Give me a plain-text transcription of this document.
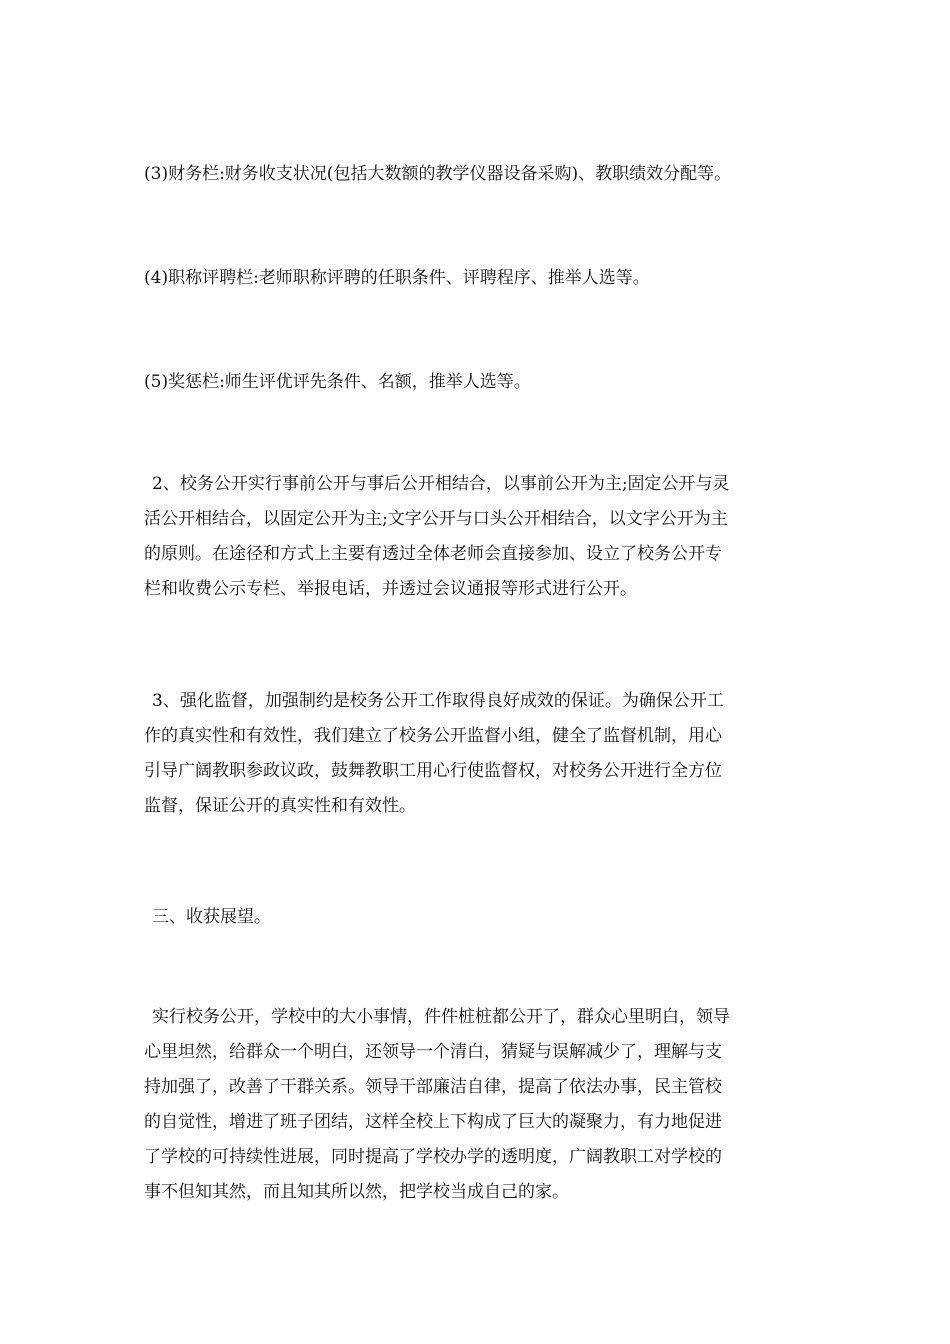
(3)财务栏:财务收支状况(包括大数额的教学仪器设备采购)、教职绩效分配等。

(4)职称评聘栏:老师职称评聘的任职条件、评聘程序、推举人选等。

(5)奖惩栏:师生评优评先条件、名额，推举人选等。

2、校务公开实行事前公开与事后公开相结合，以事前公开为主;固定公开与灵
活公开相结合，以固定公开为主;文字公开与口头公开相结合，以文字公开为主
的原则。在途径和方式上主要有透过全体老师会直接参加、设立了校务公开专
栏和收费公示专栏、举报电话，并透过会议通报等形式进行公开。

3、强化监督，加强制约是校务公开工作取得良好成效的保证。为确保公开工
作的真实性和有效性，我们建立了校务公开监督小组，健全了监督机制，用心
引导广阔教职参政议政，鼓舞教职工用心行使监督权，对校务公开进行全方位
监督，保证公开的真实性和有效性。

三、收获展望。

实行校务公开，学校中的大小事情，件件桩桩都公开了，群众心里明白，领导
心里坦然，给群众一个明白，还领导一个清白，猜疑与误解减少了，理解与支
持加强了，改善了干群关系。领导干部廉洁自律，提高了依法办事，民主管校
的自觉性，增进了班子团结，这样全校上下构成了巨大的凝聚力，有力地促进
了学校的可持续性进展，同时提高了学校办学的透明度，广阔教职工对学校的
事不但知其然，而且知其所以然，把学校当成自己的家。
